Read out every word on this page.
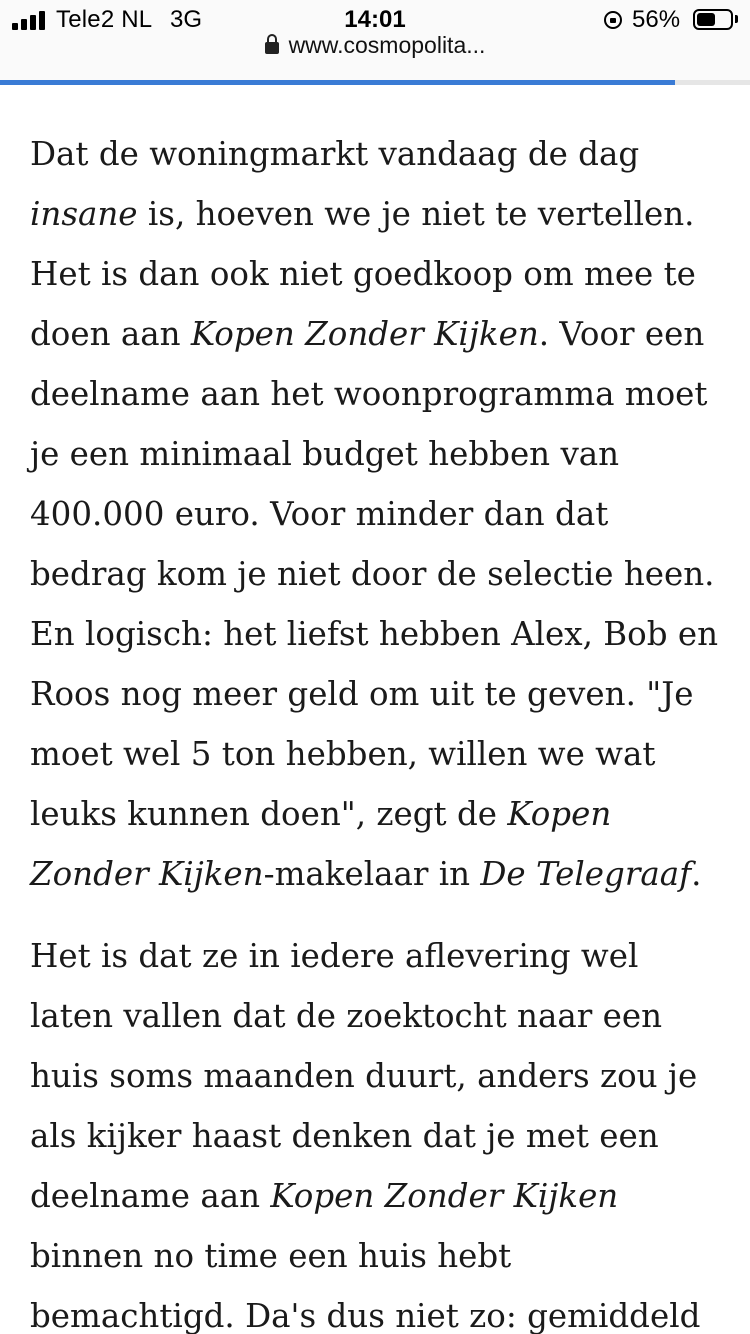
Tele2 NL 3G	14:01	56%
www.cosmopolita...

Dat de woningmarkt vandaag de dag
insane is, hoeven we je niet te vertellen.
Het is dan ook niet goedkoop om mee te
doen aan Kopen Zonder Kijken. Voor een
deelname aan het woonprogramma moet
je een minimaal budget hebben van
400.000 euro. Voor minder dan dat
bedrag kom je niet door de selectie heen.
En logisch: het liefst hebben Alex, Bob en
Roos nog meer geld om uit te geven. "Je
moet wel 5 ton hebben, willen we wat
leuks kunnen doen", zegt de Kopen
Zonder Kijken-makelaar in De Telegraaf.

Het is dat ze in iedere aflevering wel
laten vallen dat de zoektocht naar een
huis soms maanden duurt, anders zou je
als kijker haast denken dat je met een
deelname aan Kopen Zonder Kijken
binnen no time een huis hebt
bemachtigd. Da's dus niet zo: gemiddeld
